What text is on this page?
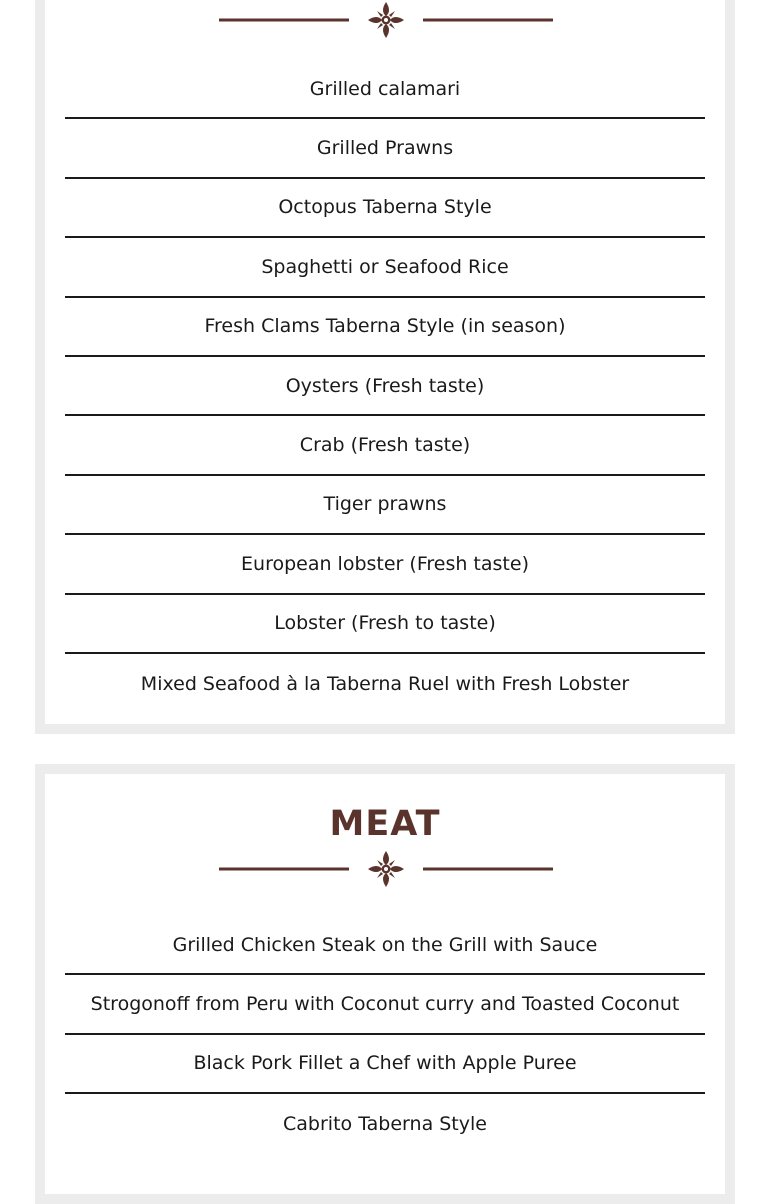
Grilled calamari
Grilled Prawns
Octopus Taberna Style
Spaghetti or Seafood Rice
Fresh Clams Taberna Style (in season)
Oysters (Fresh taste)
Crab (Fresh taste)
Tiger prawns
European lobster (Fresh taste)
Lobster (Fresh to taste)
Mixed Seafood à la Taberna Ruel with Fresh Lobster
MEAT
Grilled Chicken Steak on the Grill with Sauce
Strogonoff from Peru with Coconut curry and Toasted Coconut
Black Pork Fillet a Chef with Apple Puree
Cabrito Taberna Style
